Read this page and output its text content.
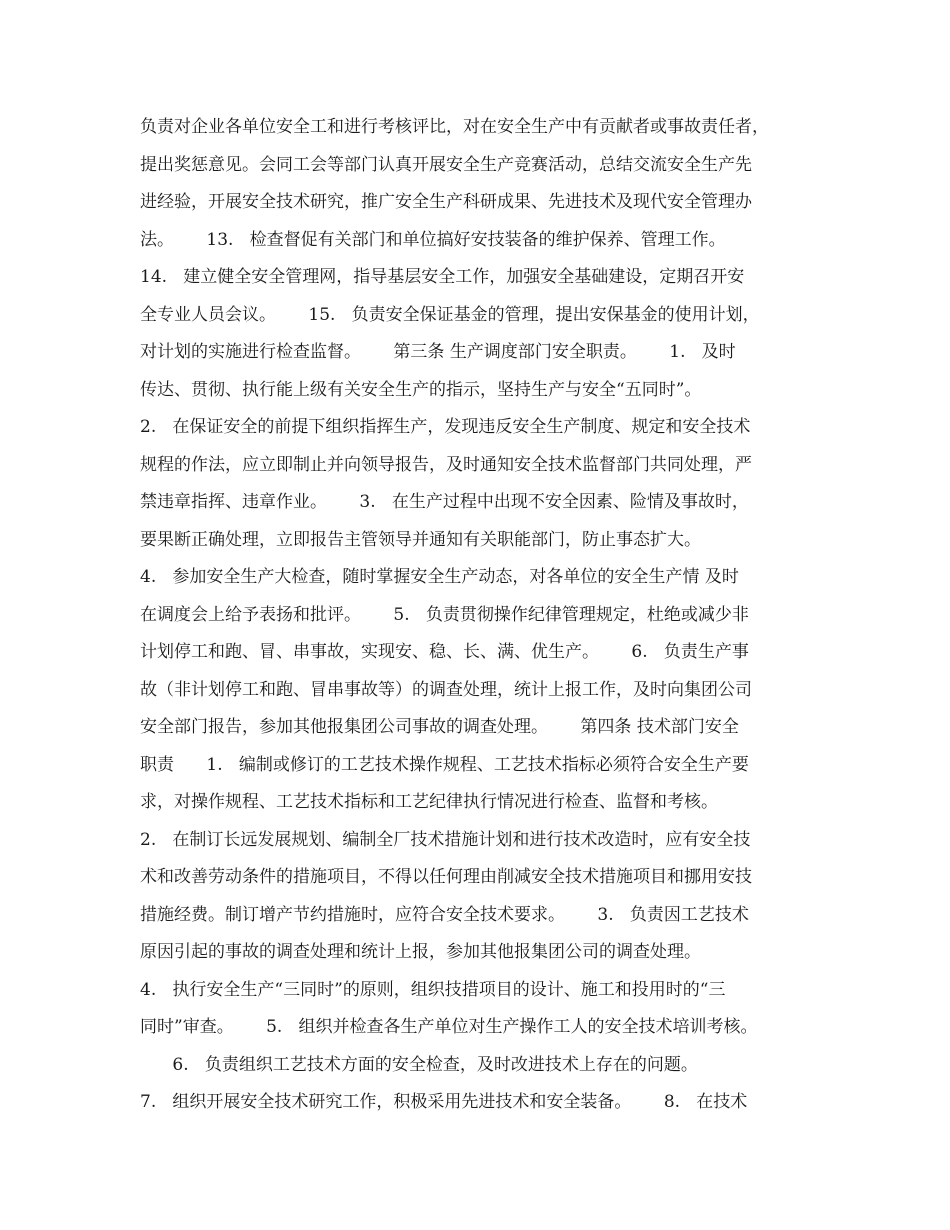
负责对企业各单位安全工和进行考核评比，对在安全生产中有贡献者或事故责任者，
提出奖惩意见。会同工会等部门认真开展安全生产竞赛活动，总结交流安全生产先
进经验，开展安全技术研究，推广安全生产科研成果、先进技术及现代安全管理办
法。      13.   检查督促有关部门和单位搞好安技装备的维护保养、管理工作。
14.   建立健全安全管理网，指导基层安全工作，加强安全基础建设，定期召开安
全专业人员会议。      15.   负责安全保证基金的管理，提出安保基金的使用计划，
对计划的实施进行检查监督。      第三条 生产调度部门安全职责。      1.   及时
传达、贯彻、执行能上级有关安全生产的指示，坚持生产与安全“五同时”。
2.   在保证安全的前提下组织指挥生产，发现违反安全生产制度、规定和安全技术
规程的作法，应立即制止并向领导报告，及时通知安全技术监督部门共同处理，严
禁违章指挥、违章作业。      3.   在生产过程中出现不安全因素、险情及事故时，
要果断正确处理，立即报告主管领导并通知有关职能部门，防止事态扩大。
4.   参加安全生产大检查，随时掌握安全生产动态，对各单位的安全生产情 及时
在调度会上给予表扬和批评。      5.   负责贯彻操作纪律管理规定，杜绝或减少非
计划停工和跑、冒、串事故，实现安、稳、长、满、优生产。      6.   负责生产事
故（非计划停工和跑、冒串事故等）的调查处理，统计上报工作，及时向集团公司
安全部门报告，参加其他报集团公司事故的调查处理。      第四条 技术部门安全
职责      1.   编制或修订的工艺技术操作规程、工艺技术指标必须符合安全生产要
求，对操作规程、工艺技术指标和工艺纪律执行情况进行检查、监督和考核。
2.   在制订长远发展规划、编制全厂技术措施计划和进行技术改造时，应有安全技
术和改善劳动条件的措施项目，不得以任何理由削减安全技术措施项目和挪用安技
措施经费。制订增产节约措施时，应符合安全技术要求。      3.   负责因工艺技术
原因引起的事故的调查处理和统计上报，参加其他报集团公司的调查处理。
4.   执行安全生产“三同时”的原则，组织技措项目的设计、施工和投用时的“三
同时”审查。      5.   组织并检查各生产单位对生产操作工人的安全技术培训考核。
6.   负责组织工艺技术方面的安全检查，及时改进技术上存在的问题。
7.   组织开展安全技术研究工作，积极采用先进技术和安全装备。      8.   在技术
